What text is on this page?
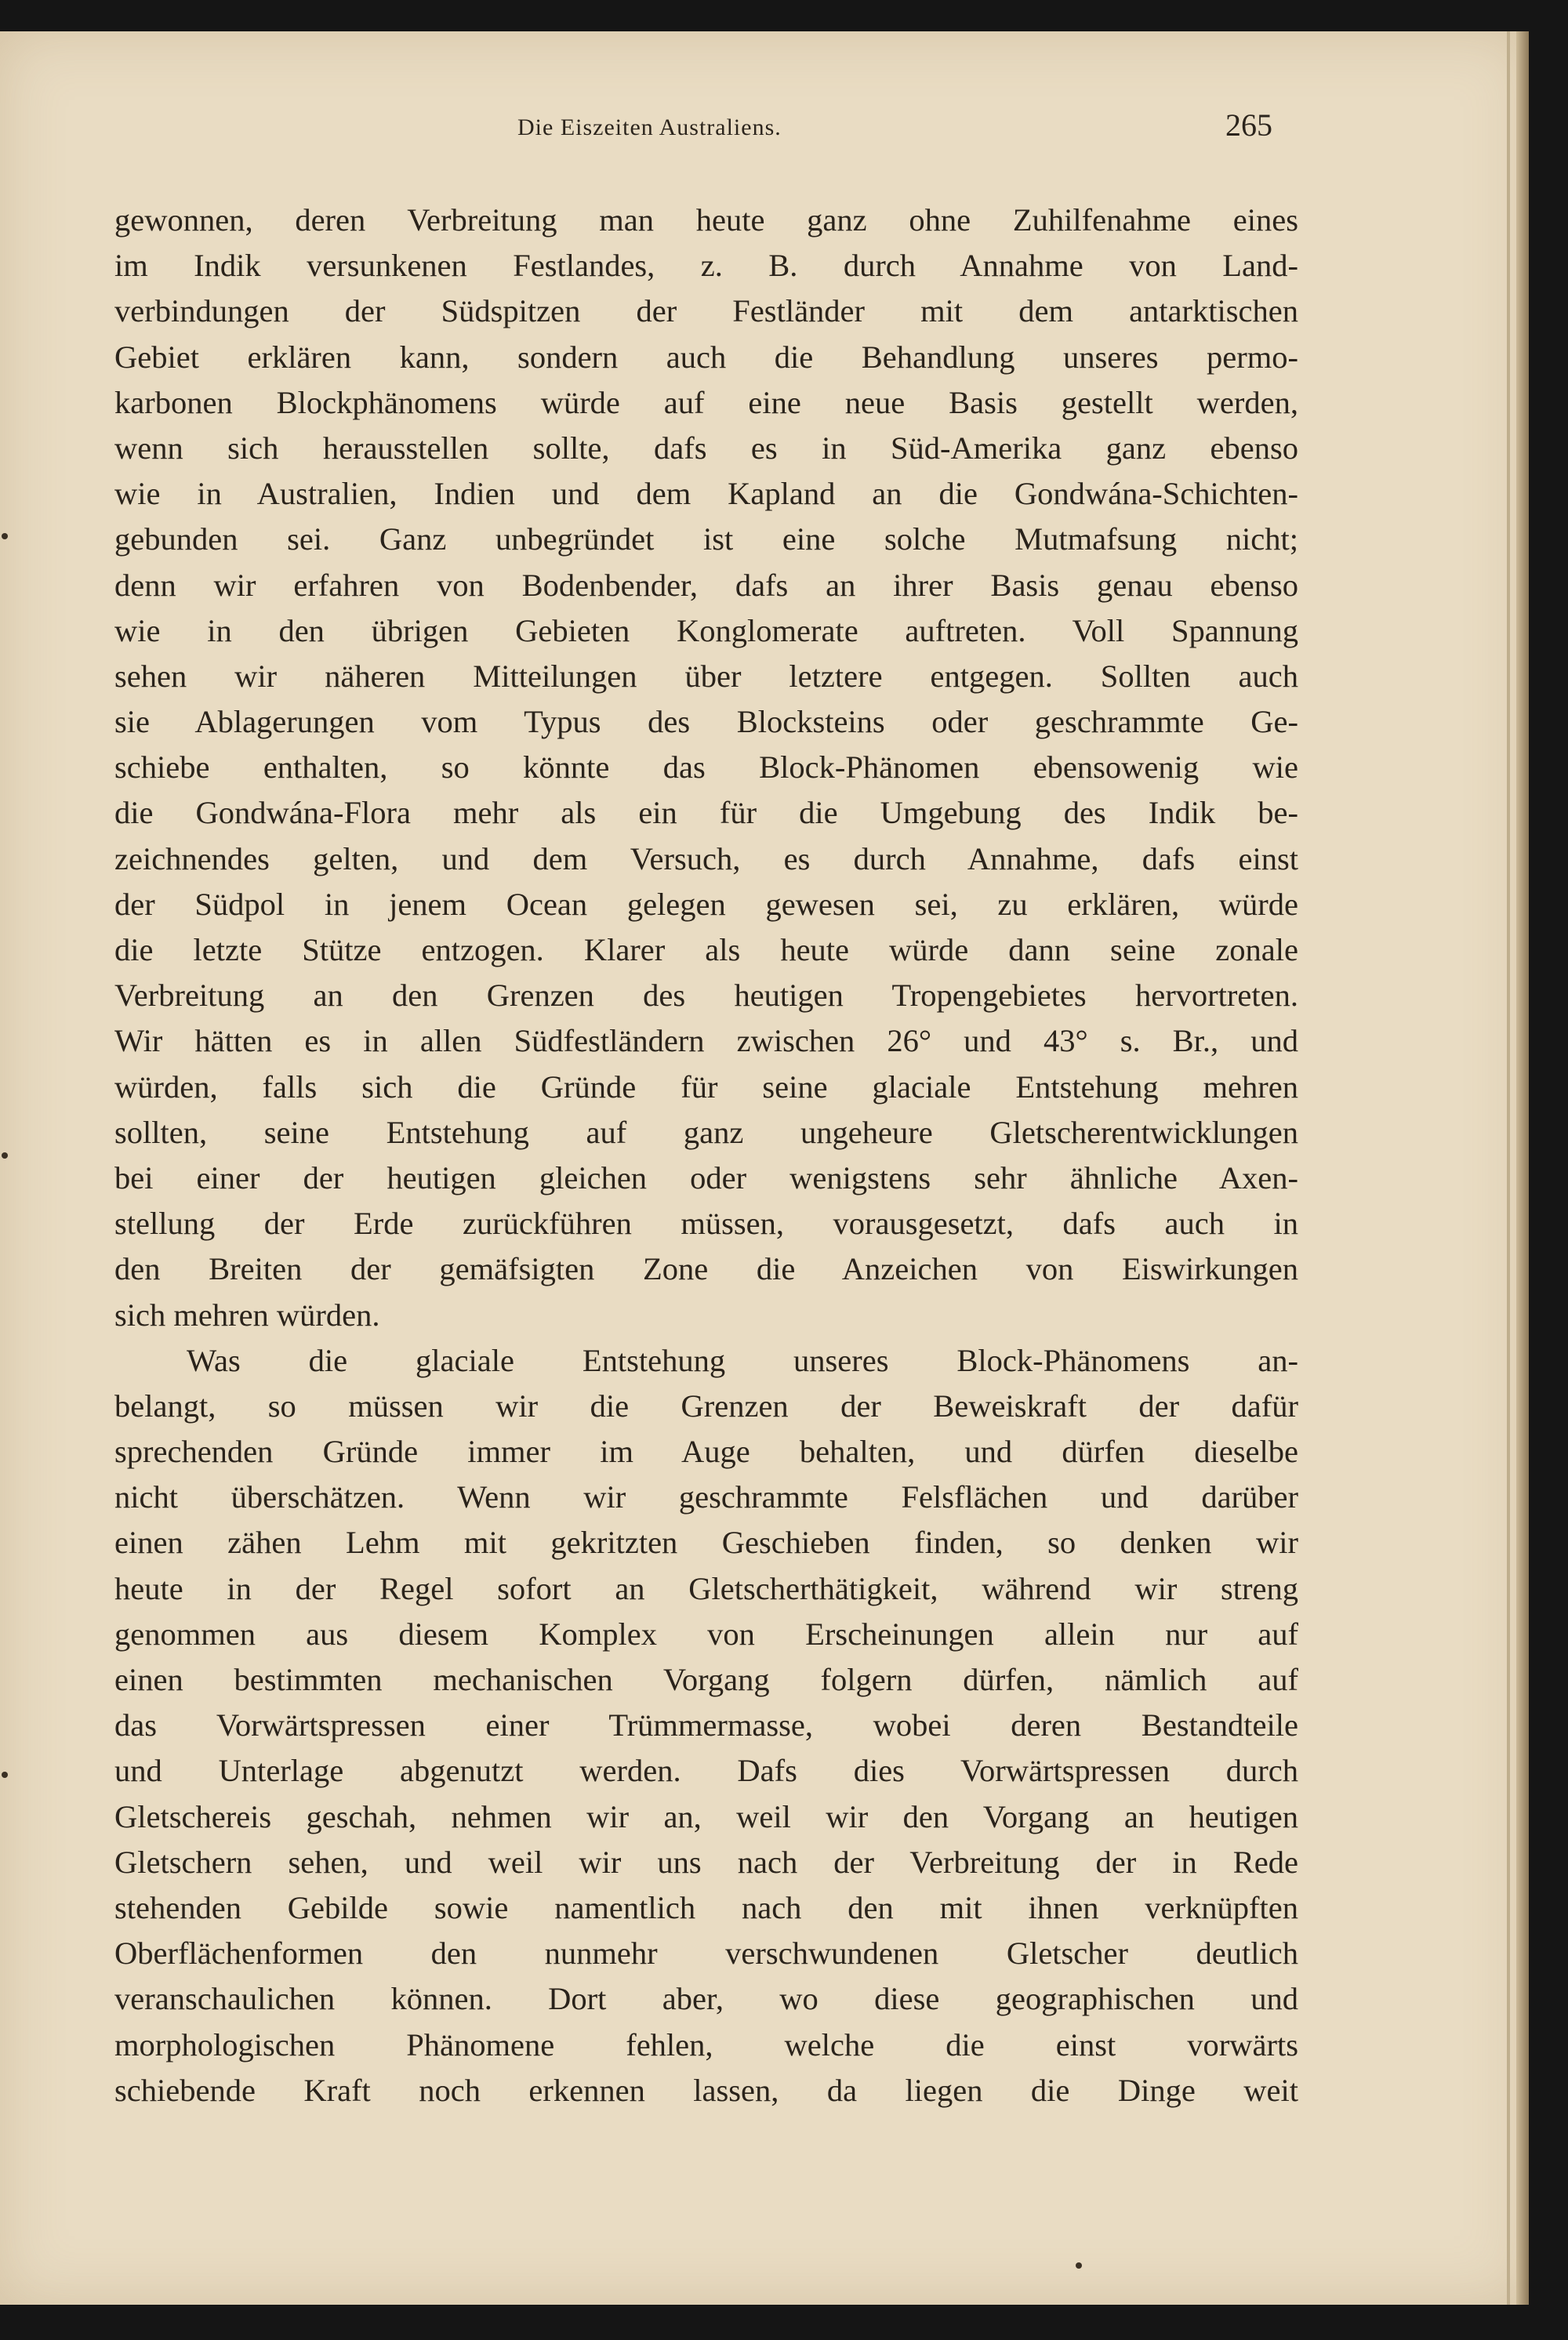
Die Eiszeiten Australiens.	265
gewonnen, deren Verbreitung man heute ganz ohne Zuhilfenahme eines
im Indik versunkenen Festlandes, z. B. durch Annahme von Land-
verbindungen der Südspitzen der Festländer mit dem antarktischen
Gebiet erklären kann, sondern auch die Behandlung unseres permo-
karbonen Blockphänomens würde auf eine neue Basis gestellt werden,
wenn sich herausstellen sollte, dafs es in Süd-Amerika ganz ebenso
wie in Australien, Indien und dem Kapland an die Gondwána-Schichten-
gebunden sei. Ganz unbegründet ist eine solche Mutmafsung nicht;
denn wir erfahren von Bodenbender, dafs an ihrer Basis genau ebenso
wie in den übrigen Gebieten Konglomerate auftreten. Voll Spannung
sehen wir näheren Mitteilungen über letztere entgegen. Sollten auch
sie Ablagerungen vom Typus des Blocksteins oder geschrammte Ge-
schiebe enthalten, so könnte das Block-Phänomen ebensowenig wie
die Gondwána-Flora mehr als ein für die Umgebung des Indik be-
zeichnendes gelten, und dem Versuch, es durch Annahme, dafs einst
der Südpol in jenem Ocean gelegen gewesen sei, zu erklären, würde
die letzte Stütze entzogen. Klarer als heute würde dann seine zonale
Verbreitung an den Grenzen des heutigen Tropengebietes hervortreten.
Wir hätten es in allen Südfestländern zwischen 26° und 43° s. Br., und
würden, falls sich die Gründe für seine glaciale Entstehung mehren
sollten, seine Entstehung auf ganz ungeheure Gletscherentwicklungen
bei einer der heutigen gleichen oder wenigstens sehr ähnliche Axen-
stellung der Erde zurückführen müssen, vorausgesetzt, dafs auch in
den Breiten der gemäfsigten Zone die Anzeichen von Eiswirkungen
sich mehren würden.
Was die glaciale Entstehung unseres Block-Phänomens an-
belangt, so müssen wir die Grenzen der Beweiskraft der dafür
sprechenden Gründe immer im Auge behalten, und dürfen dieselbe
nicht überschätzen. Wenn wir geschrammte Felsflächen und darüber
einen zähen Lehm mit gekritzten Geschieben finden, so denken wir
heute in der Regel sofort an Gletscherthätigkeit, während wir streng
genommen aus diesem Komplex von Erscheinungen allein nur auf
einen bestimmten mechanischen Vorgang folgern dürfen, nämlich auf
das Vorwärtspressen einer Trümmermasse, wobei deren Bestandteile
und Unterlage abgenutzt werden. Dafs dies Vorwärtspressen durch
Gletschereis geschah, nehmen wir an, weil wir den Vorgang an heutigen
Gletschern sehen, und weil wir uns nach der Verbreitung der in Rede
stehenden Gebilde sowie namentlich nach den mit ihnen verknüpften
Oberflächenformen den nunmehr verschwundenen Gletscher deutlich
veranschaulichen können. Dort aber, wo diese geographischen und
morphologischen Phänomene fehlen, welche die einst vorwärts
schiebende Kraft noch erkennen lassen, da liegen die Dinge weit
